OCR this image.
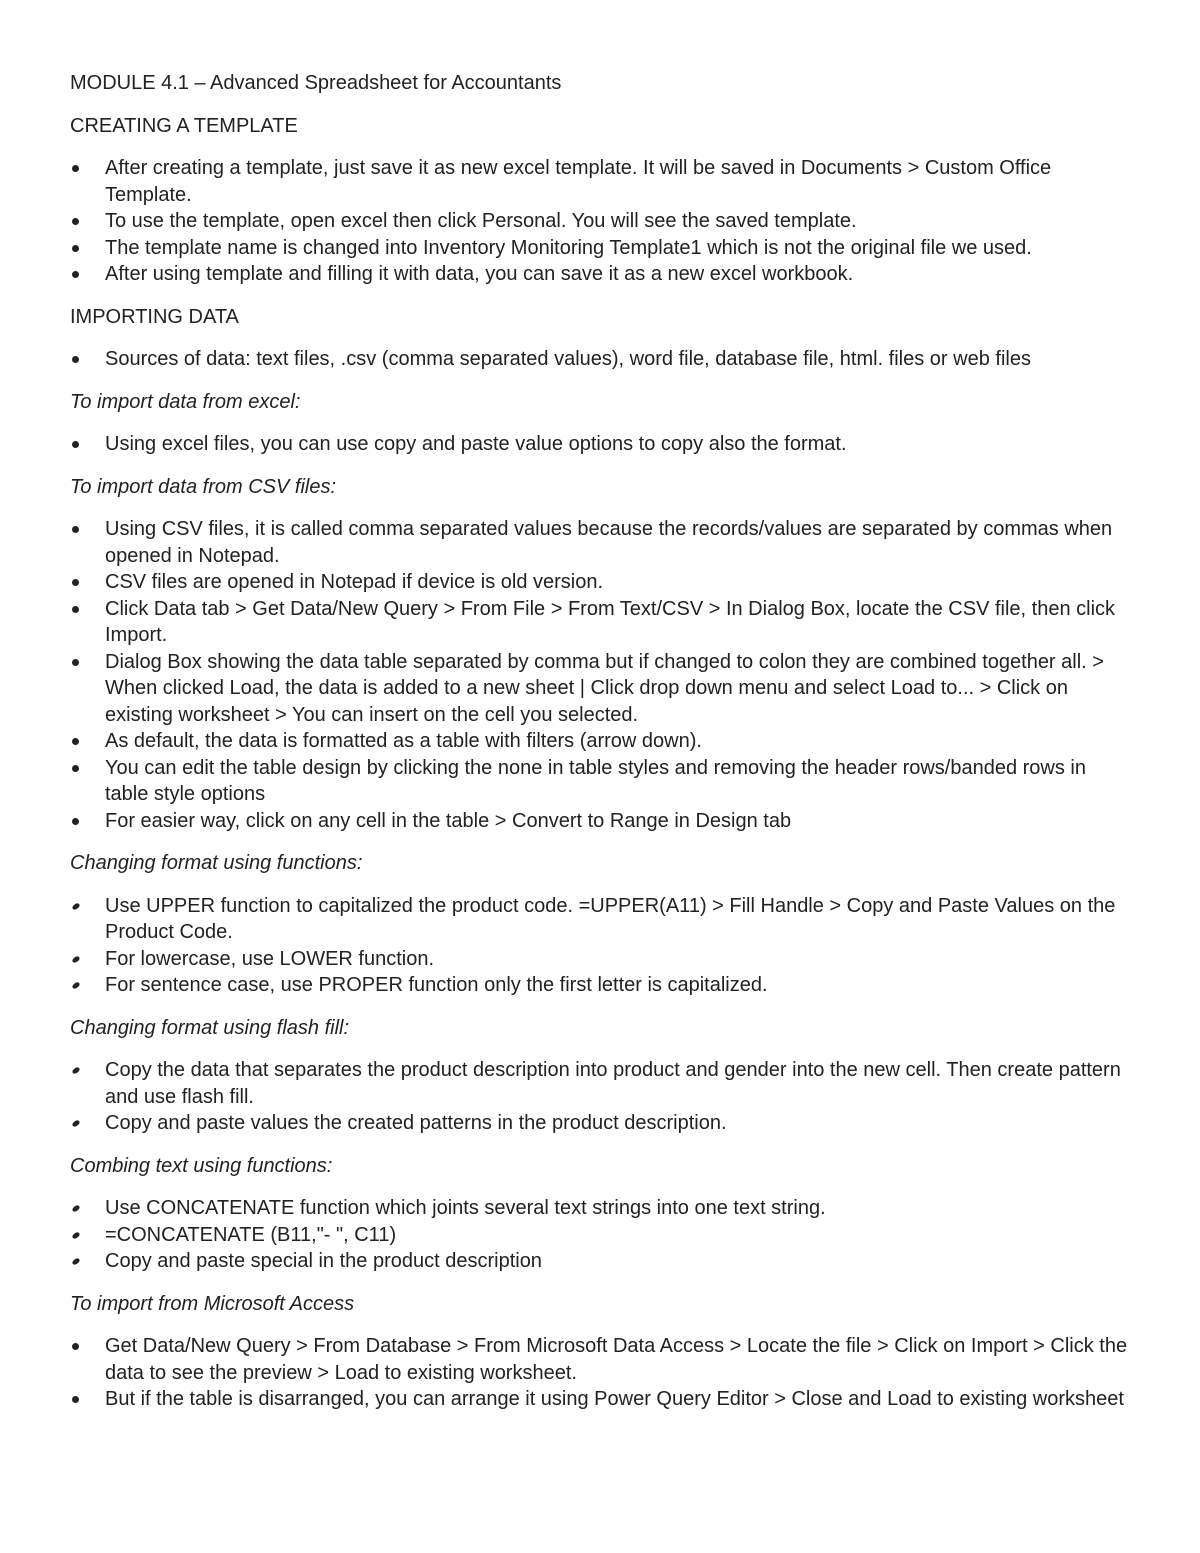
MODULE 4.1 – Advanced Spreadsheet for Accountants

CREATING A TEMPLATE

After creating a template, just save it as new excel template. It will be saved in Documents > Custom Office Template.
To use the template, open excel then click Personal. You will see the saved template.
The template name is changed into Inventory Monitoring Template1 which is not the original file we used.
After using template and filling it with data, you can save it as a new excel workbook.

IMPORTING DATA

Sources of data: text files, .csv (comma separated values), word file, database file, html. files or web files

To import data from excel:

Using excel files, you can use copy and paste value options to copy also the format.

To import data from CSV files:

Using CSV files, it is called comma separated values because the records/values are separated by commas when opened in Notepad.
CSV files are opened in Notepad if device is old version.
Click Data tab > Get Data/New Query > From File > From Text/CSV > In Dialog Box, locate the CSV file, then click Import.
Dialog Box showing the data table separated by comma but if changed to colon they are combined together all. > When clicked Load, the data is added to a new sheet | Click drop down menu and select Load to... > Click on existing worksheet > You can insert on the cell you selected.
As default, the data is formatted as a table with filters (arrow down).
You can edit the table design by clicking the none in table styles and removing the header rows/banded rows in table style options
For easier way, click on any cell in the table > Convert to Range in Design tab

Changing format using functions:

Use UPPER function to capitalized the product code. =UPPER(A11) > Fill Handle > Copy and Paste Values on the Product Code.
For lowercase, use LOWER function.
For sentence case, use PROPER function only the first letter is capitalized.

Changing format using flash fill:

Copy the data that separates the product description into product and gender into the new cell. Then create pattern and use flash fill.
Copy and paste values the created patterns in the product description.

Combing text using functions:

Use CONCATENATE function which joints several text strings into one text string.
=CONCATENATE (B11,"- ", C11)
Copy and paste special in the product description

To import from Microsoft Access

Get Data/New Query > From Database > From Microsoft Data Access > Locate the file > Click on Import > Click the data to see the preview > Load to existing worksheet.
But if the table is disarranged, you can arrange it using Power Query Editor > Close and Load to existing worksheet
